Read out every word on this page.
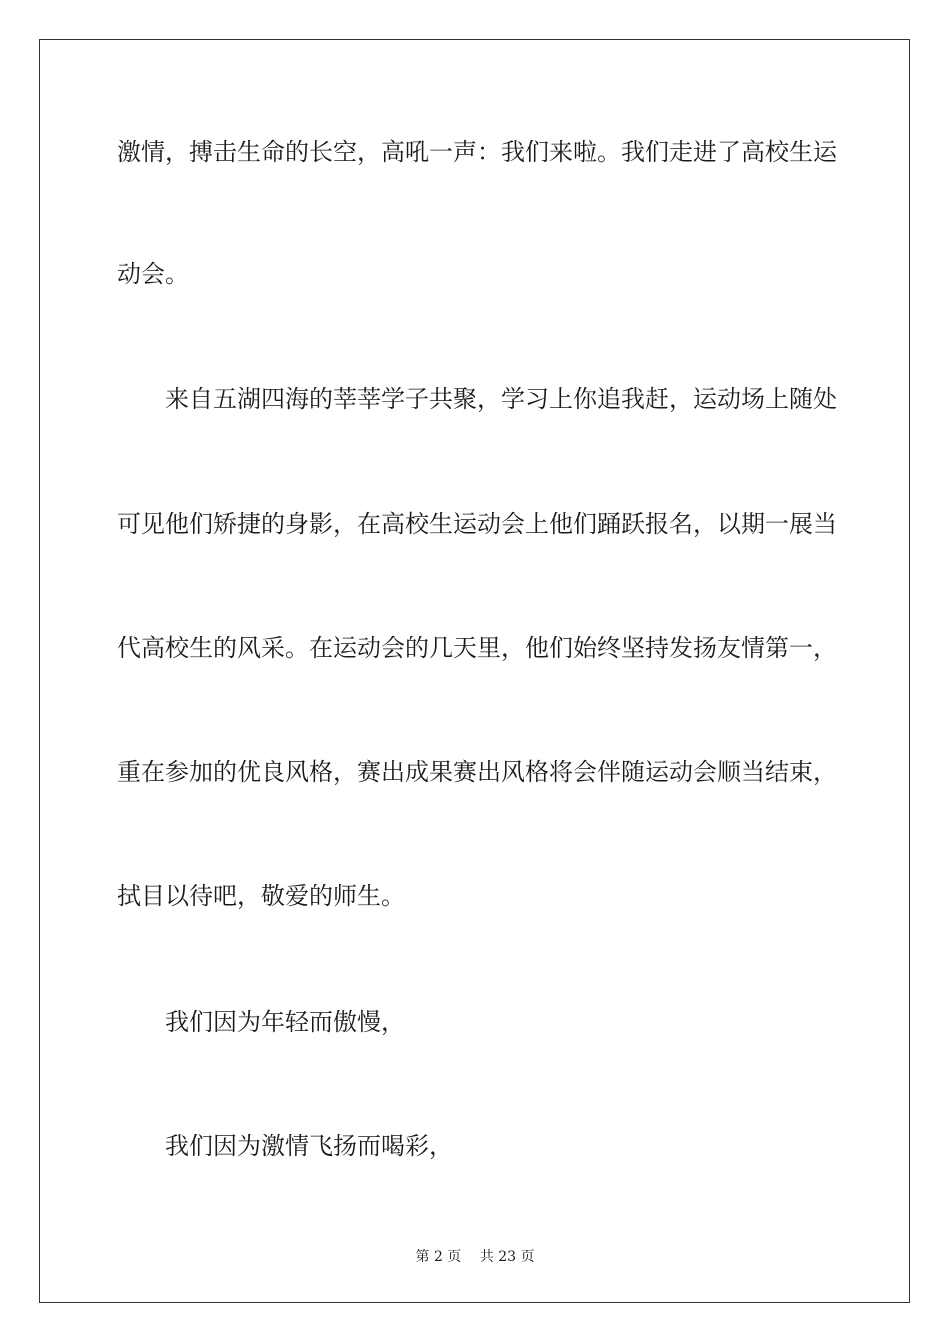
激情，搏击生命的长空，高吼一声：我们来啦。我们走进了高校生运
动会。
来自五湖四海的莘莘学子共聚，学习上你追我赶，运动场上随处
可见他们矫捷的身影，在高校生运动会上他们踊跃报名，以期一展当
代高校生的风采。在运动会的几天里，他们始终坚持发扬友情第一，
重在参加的优良风格，赛出成果赛出风格将会伴随运动会顺当结束，
拭目以待吧，敬爱的师生。
我们因为年轻而傲慢，
我们因为激情飞扬而喝彩，
第 2 页　 共 23 页
